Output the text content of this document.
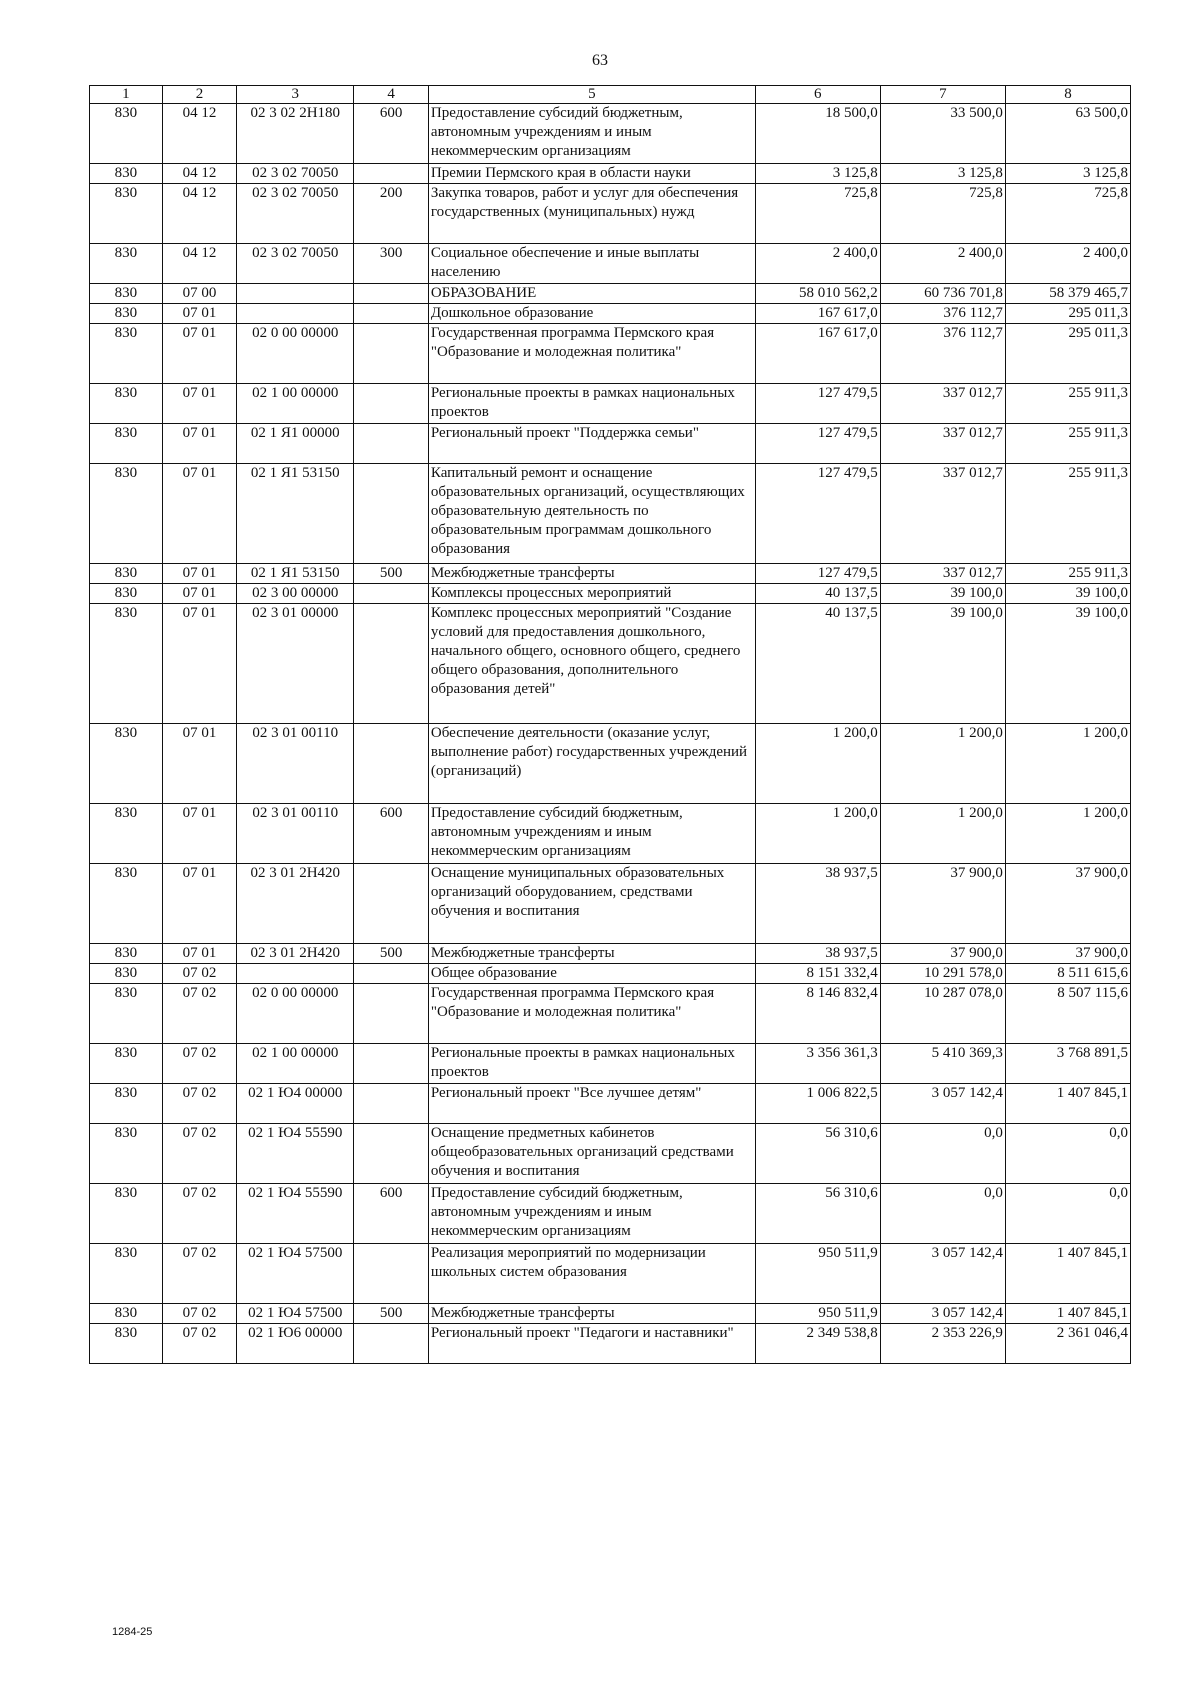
63
1	2	3	4	5	6	7	8
830	04 12	02 3 02 2Н180	600	Предоставление субсидий бюджетным, автономным учреждениям и иным некоммерческим организациям	18 500,0	33 500,0	63 500,0
830	04 12	02 3 02 70050		Премии Пермского края в области науки	3 125,8	3 125,8	3 125,8
830	04 12	02 3 02 70050	200	Закупка товаров, работ и услуг для обеспечения государственных (муниципальных) нужд	725,8	725,8	725,8
830	04 12	02 3 02 70050	300	Социальное обеспечение и иные выплаты населению	2 400,0	2 400,0	2 400,0
830	07 00			ОБРАЗОВАНИЕ	58 010 562,2	60 736 701,8	58 379 465,7
830	07 01			Дошкольное образование	167 617,0	376 112,7	295 011,3
830	07 01	02 0 00 00000		Государственная программа Пермского края "Образование и молодежная политика"	167 617,0	376 112,7	295 011,3
830	07 01	02 1 00 00000		Региональные проекты в рамках национальных проектов	127 479,5	337 012,7	255 911,3
830	07 01	02 1 Я1 00000		Региональный проект "Поддержка семьи"	127 479,5	337 012,7	255 911,3
830	07 01	02 1 Я1 53150		Капитальный ремонт и оснащение образовательных организаций, осуществляющих образовательную деятельность по образовательным программам дошкольного образования	127 479,5	337 012,7	255 911,3
830	07 01	02 1 Я1 53150	500	Межбюджетные трансферты	127 479,5	337 012,7	255 911,3
830	07 01	02 3 00 00000		Комплексы процессных мероприятий	40 137,5	39 100,0	39 100,0
830	07 01	02 3 01 00000		Комплекс процессных мероприятий "Создание условий для предоставления дошкольного, начального общего, основного общего, среднего общего образования, дополнительного образования детей"	40 137,5	39 100,0	39 100,0
830	07 01	02 3 01 00110		Обеспечение деятельности (оказание услуг, выполнение работ) государственных учреждений (организаций)	1 200,0	1 200,0	1 200,0
830	07 01	02 3 01 00110	600	Предоставление субсидий бюджетным, автономным учреждениям и иным некоммерческим организациям	1 200,0	1 200,0	1 200,0
830	07 01	02 3 01 2Н420		Оснащение муниципальных образовательных организаций оборудованием, средствами обучения и воспитания	38 937,5	37 900,0	37 900,0
830	07 01	02 3 01 2Н420	500	Межбюджетные трансферты	38 937,5	37 900,0	37 900,0
830	07 02			Общее образование	8 151 332,4	10 291 578,0	8 511 615,6
830	07 02	02 0 00 00000		Государственная программа Пермского края "Образование и молодежная политика"	8 146 832,4	10 287 078,0	8 507 115,6
830	07 02	02 1 00 00000		Региональные проекты в рамках национальных проектов	3 356 361,3	5 410 369,3	3 768 891,5
830	07 02	02 1 Ю4 00000		Региональный проект "Все лучшее детям"	1 006 822,5	3 057 142,4	1 407 845,1
830	07 02	02 1 Ю4 55590		Оснащение предметных кабинетов общеобразовательных организаций средствами обучения и воспитания	56 310,6	0,0	0,0
830	07 02	02 1 Ю4 55590	600	Предоставление субсидий бюджетным, автономным учреждениям и иным некоммерческим организациям	56 310,6	0,0	0,0
830	07 02	02 1 Ю4 57500		Реализация мероприятий по модернизации школьных систем образования	950 511,9	3 057 142,4	1 407 845,1
830	07 02	02 1 Ю4 57500	500	Межбюджетные трансферты	950 511,9	3 057 142,4	1 407 845,1
830	07 02	02 1 Ю6 00000		Региональный проект "Педагоги и наставники"	2 349 538,8	2 353 226,9	2 361 046,4
1284-25
